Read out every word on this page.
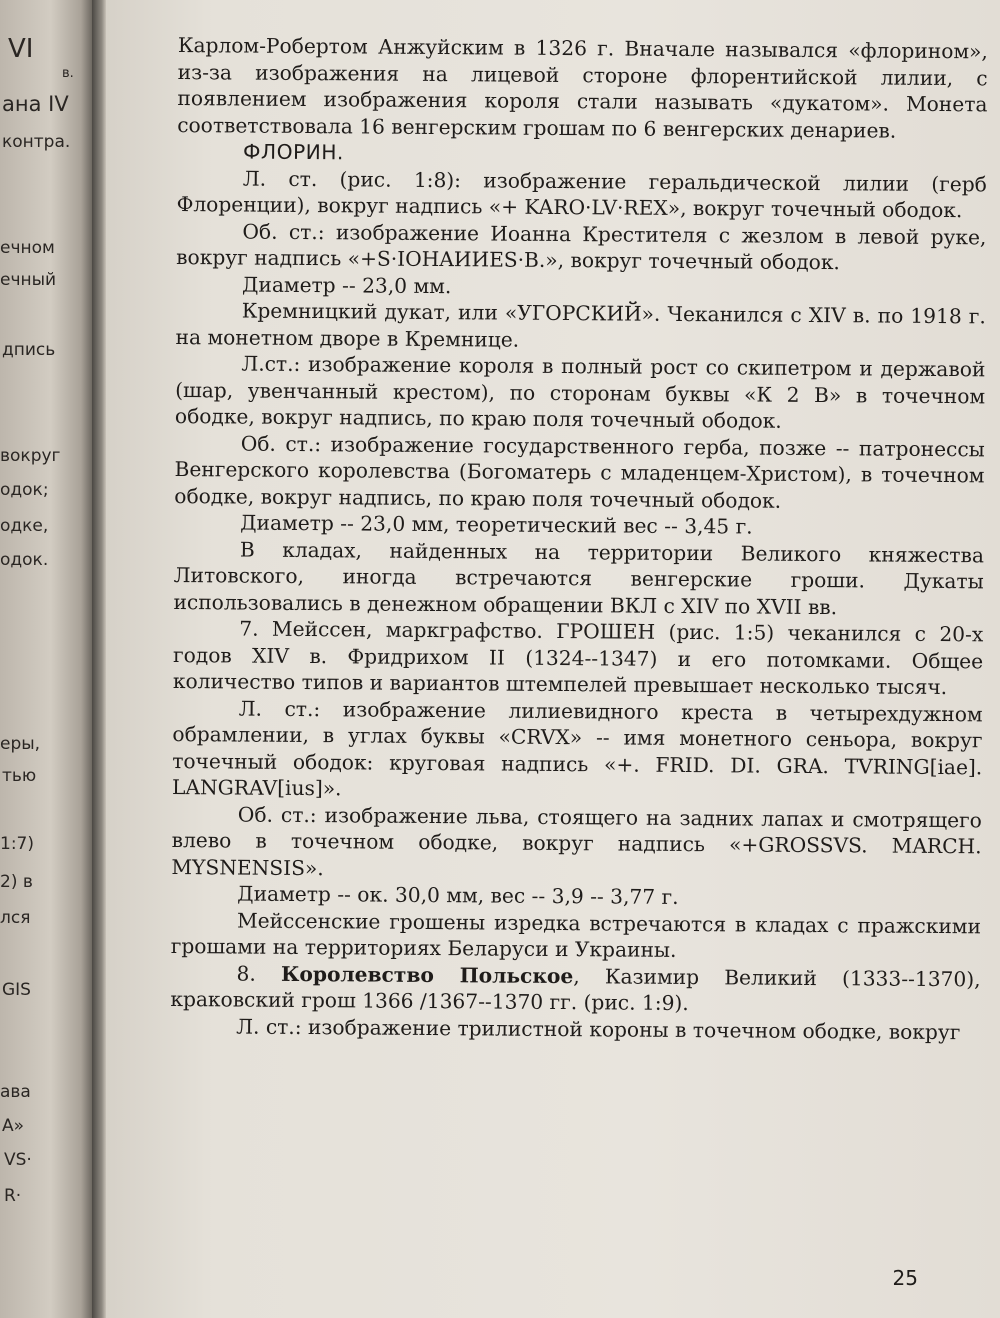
VI
в.
ана IV
контра.
ечном
ечный
дпись
вокруг
одок;
одке,
одок.
еры,
тью
1:7)
2) в
лся
GIS
ава
А»
VS·
R·

Карлом-Робертом Анжуйским в 1326 г. Вначале назывался «флорином», из-за изображения на лицевой стороне флорентийской лилии, с появлением изображения короля стали называть «дукатом». Монета соответствовала 16 венгерским грошам по 6 венгерских денариев.

ФЛОРИН.

Л. ст. (рис. 1:8): изображение геральдической лилии (герб Флоренции), вокруг надпись «+ KARO·LV·REX», вокруг точечный ободок.

Об. ст.: изображение Иоанна Крестителя с жезлом в левой руке, вокруг надпись «+S·IOHAИИES·B.», вокруг точечный ободок.

Диаметр -- 23,0 мм.

Кремницкий дукат, или «УГОРСКИЙ». Чеканился с XIV в. по 1918 г. на монетном дворе в Кремнице.

Л.ст.: изображение короля в полный рост со скипетром и державой (шар, увенчанный крестом), по сторонам буквы «К 2 В» в точечном ободке, вокруг надпись, по краю поля точечный ободок.

Об. ст.: изображение государственного герба, позже -- патронессы Венгерского королевства (Богоматерь с младенцем-Христом), в точечном ободке, вокруг надпись, по краю поля точечный ободок.

Диаметр -- 23,0 мм, теоретический вес -- 3,45 г.

В кладах, найденных на территории Великого княжества Литовского, иногда встречаются венгерские гроши. Дукаты использовались в денежном обращении ВКЛ с XIV по XVII вв.

7. Мейссен, маркграфство. ГРОШЕН (рис. 1:5) чеканился с 20-х годов XIV в. Фридрихом II (1324--1347) и его потомками. Общее количество типов и вариантов штемпелей превышает несколько тысяч.

Л. ст.: изображение лилиевидного креста в четырехдужном обрамлении, в углах буквы «CRVX» -- имя монетного сеньора, вокруг точечный ободок: круговая надпись «+. FRID. DI. GRA. TVRING[iae]. LANGRAV[ius]».

Об. ст.: изображение льва, стоящего на задних лапах и смотрящего влево в точечном ободке, вокруг надпись «+GROSSVS. MARCH. MYSNENSIS».

Диаметр -- ок. 30,0 мм, вес -- 3,9 -- 3,77 г.

Мейссенские грошены изредка встречаются в кладах с пражскими грошами на территориях Беларуси и Украины.

8. Королевство Польское, Казимир Великий (1333--1370), краковский грош 1366 /1367--1370 гг. (рис. 1:9).

Л. ст.: изображение трилистной короны в точечном ободке, вокруг

25
